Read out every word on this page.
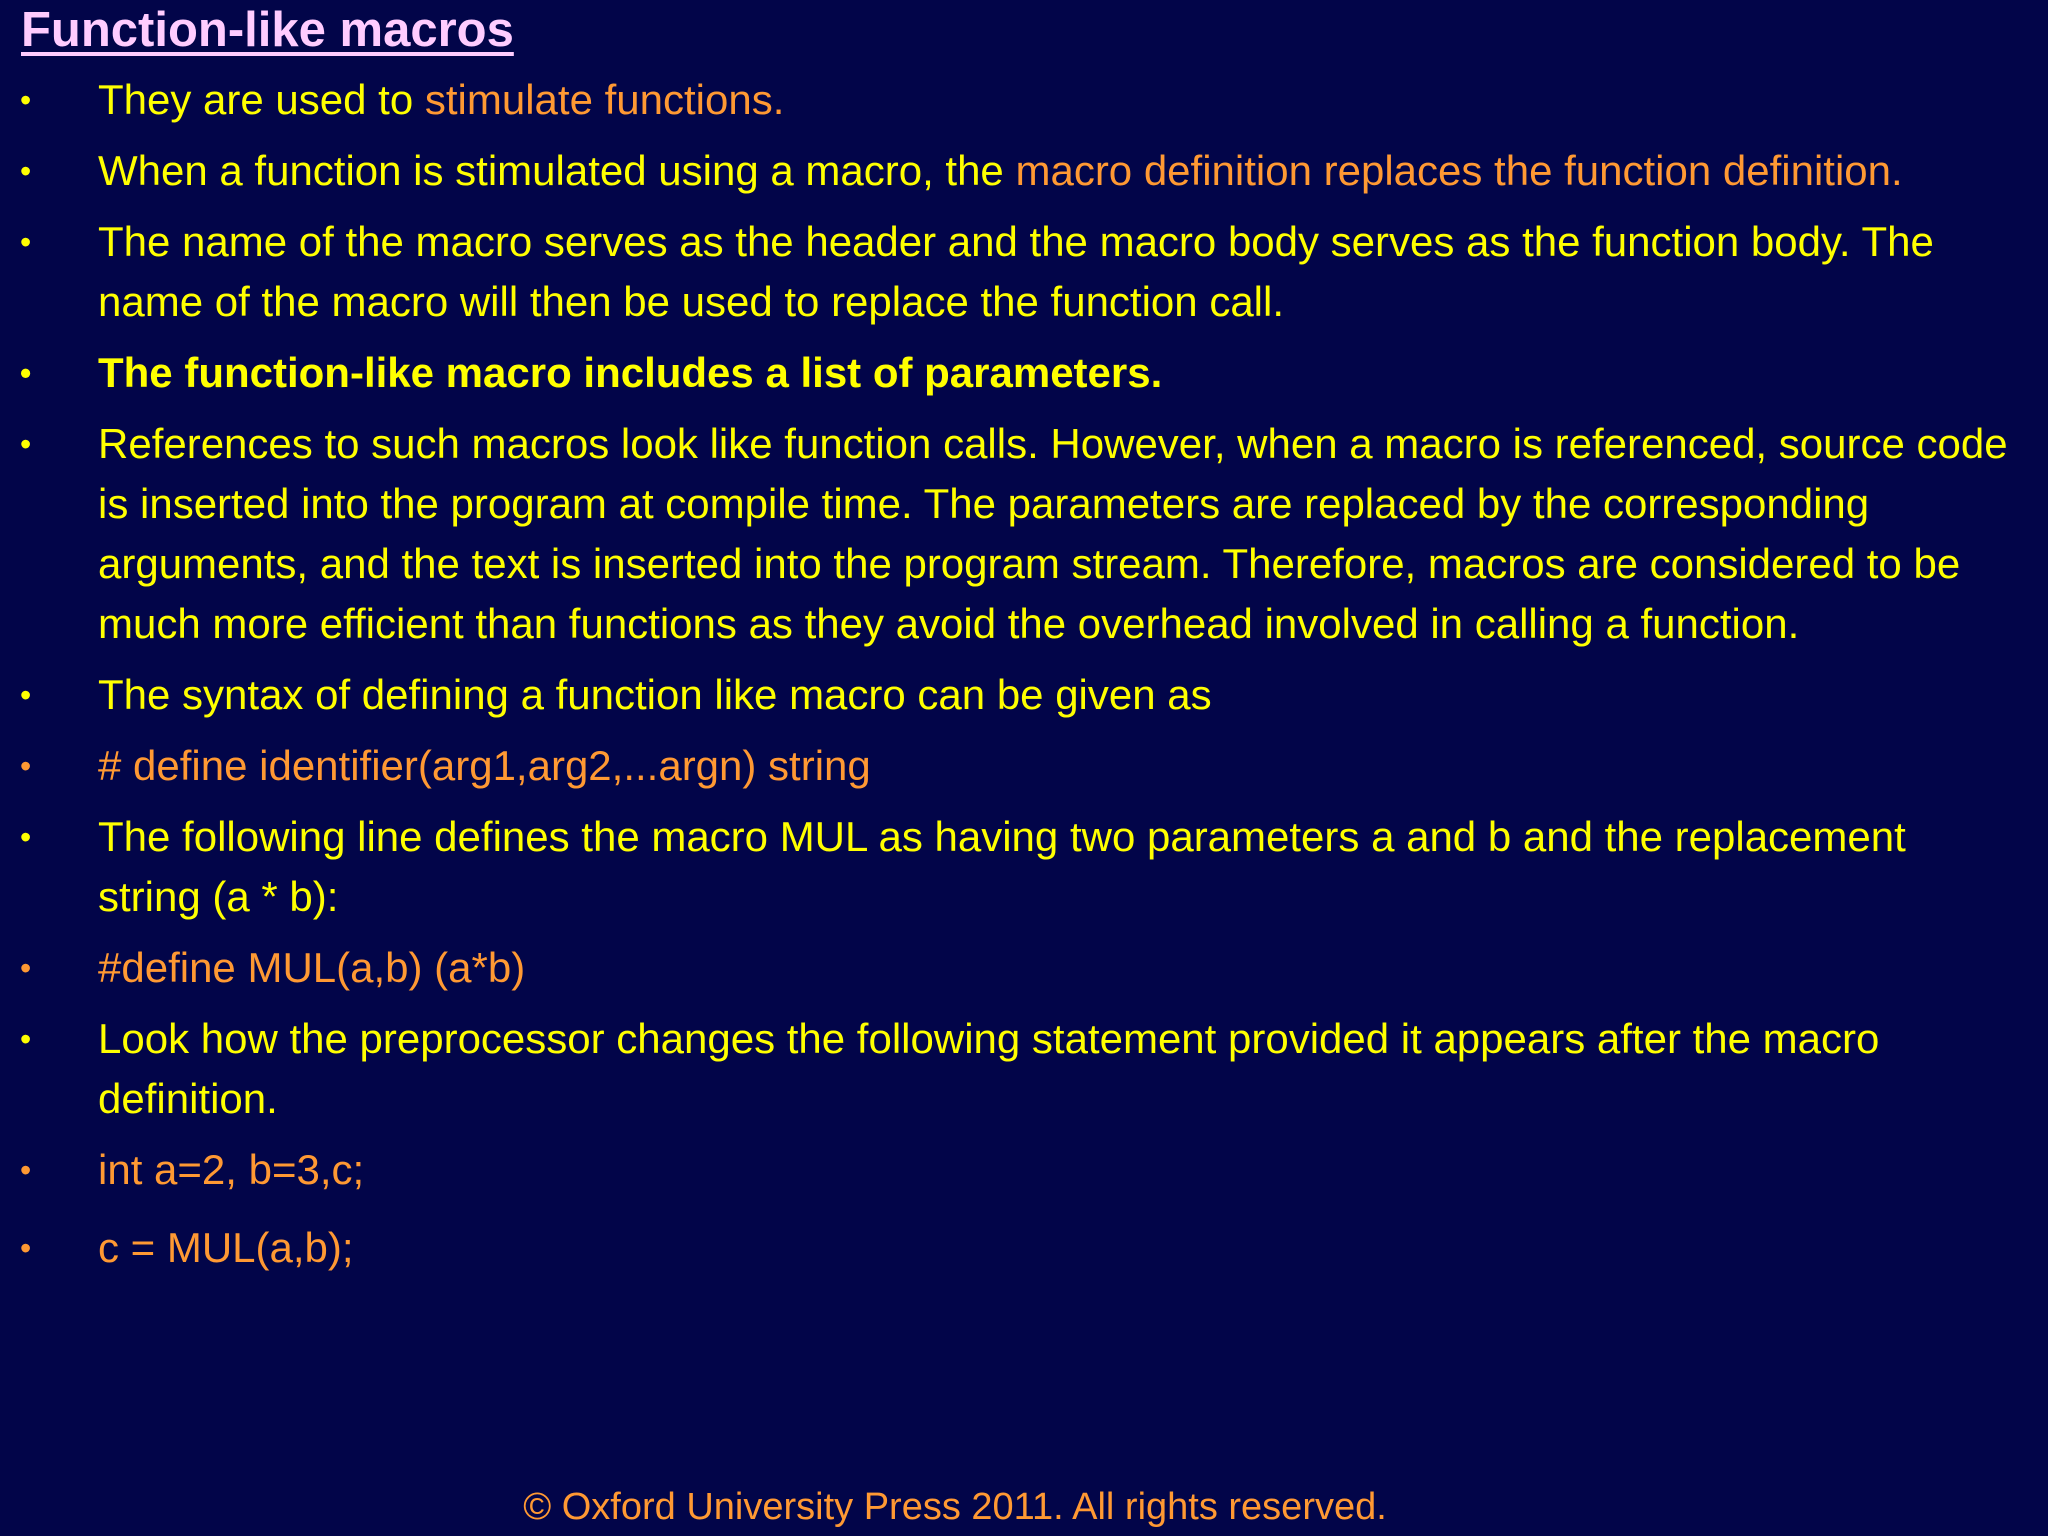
Function-like macros
•	They are used to stimulate functions.
•	When a function is stimulated using a macro, the macro definition replaces the function definition.
•	The name of the macro serves as the header and the macro body serves as the function body. The name of the macro will then be used to replace the function call.
•	The function-like macro includes a list of parameters.
•	References to such macros look like function calls. However, when a macro is referenced, source code is inserted into the program at compile time. The parameters are replaced by the corresponding arguments, and the text is inserted into the program stream. Therefore, macros are considered to be much more efficient than functions as they avoid the overhead involved in calling a function.
•	The syntax of defining a function like macro can be given as
•	# define identifier(arg1,arg2,...argn) string
•	The following line defines the macro MUL as having two parameters a and b and the replacement string (a * b):
•	#define MUL(a,b) (a*b)
•	Look how the preprocessor changes the following statement provided it appears after the macro definition.
•	int a=2, b=3,c;
•	c = MUL(a,b);
© Oxford University Press 2011. All rights reserved.
